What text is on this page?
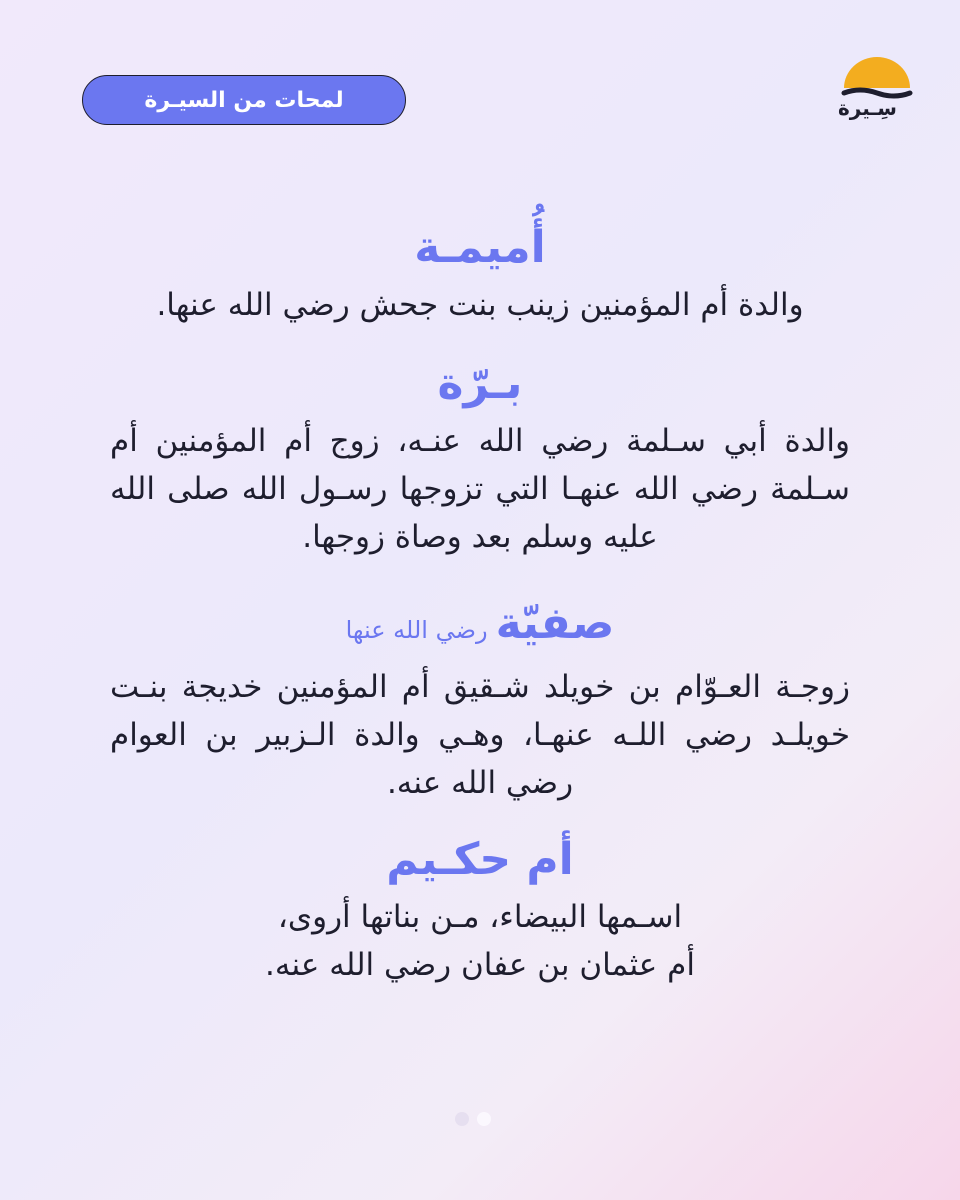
لمحات من السيـرة	سِـيرة
أُميمـة
والدة أم المؤمنين زينب بنت جحش رضي الله عنها.
بـرّة
والدة أبي سـلمة رضي الله عنـه، زوج أم المؤمنين أم سـلمة رضي الله عنهـا التي تزوجها رسـول الله صلى الله عليه وسلم بعد وصاة زوجها.
صفيّةرضي الله عنها
زوجـة العـوّام بن خويلد شـقيق أم المؤمنين خديجة بنـت خويلـد رضي اللـه عنهـا، وهـي والدة الـزبير بن العوام رضي الله عنه.
أم حكـيم
اسـمها البيضاء، مـن بناتها أروى،
أم عثمان بن عفان رضي الله عنه.
